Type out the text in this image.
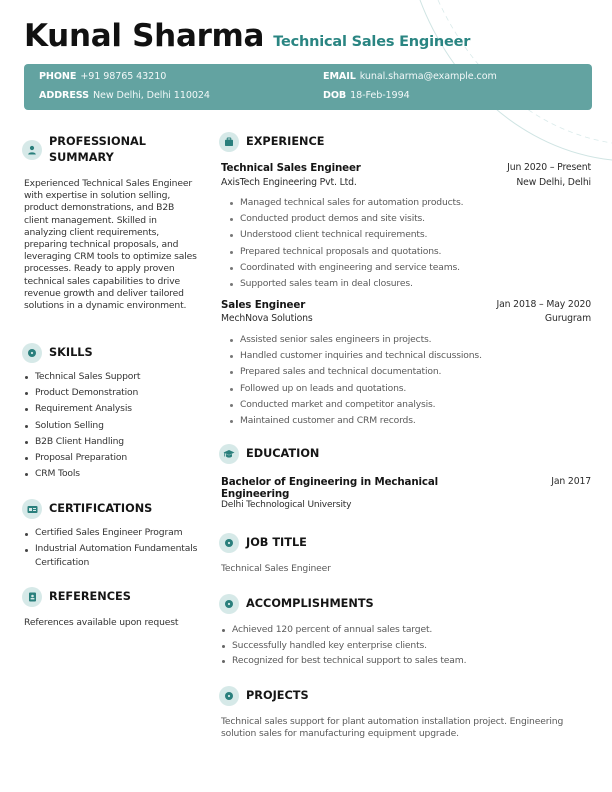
Kunal Sharma Technical Sales Engineer
PHONE +91 98765 43210
ADDRESS New Delhi, Delhi 110024
EMAIL kunal.sharma@example.com
DOB 18-Feb-1994
PROFESSIONAL
SUMMARY
Experienced Technical Sales Engineer with expertise in solution selling, product demonstrations, and B2B client management. Skilled in analyzing client requirements, preparing technical proposals, and leveraging CRM tools to optimize sales processes. Ready to apply proven technical sales capabilities to drive revenue growth and deliver tailored solutions in a dynamic environment.
SKILLS
Technical Sales Support
Product Demonstration
Requirement Analysis
Solution Selling
B2B Client Handling
Proposal Preparation
CRM Tools
CERTIFICATIONS
Certified Sales Engineer Program
Industrial Automation Fundamentals Certification
REFERENCES
References available upon request
EXPERIENCE
Technical Sales Engineer
AxisTech Engineering Pvt. Ltd.
Jun 2020 – Present
New Delhi, Delhi
Managed technical sales for automation products.
Conducted product demos and site visits.
Understood client technical requirements.
Prepared technical proposals and quotations.
Coordinated with engineering and service teams.
Supported sales team in deal closures.
Sales Engineer
MechNova Solutions
Jan 2018 – May 2020
Gurugram
Assisted senior sales engineers in projects.
Handled customer inquiries and technical discussions.
Prepared sales and technical documentation.
Followed up on leads and quotations.
Conducted market and competitor analysis.
Maintained customer and CRM records.
EDUCATION
Bachelor of Engineering in Mechanical Engineering
Delhi Technological University
Jan 2017
JOB TITLE
Technical Sales Engineer
ACCOMPLISHMENTS
Achieved 120 percent of annual sales target.
Successfully handled key enterprise clients.
Recognized for best technical support to sales team.
PROJECTS
Technical sales support for plant automation installation project. Engineering solution sales for manufacturing equipment upgrade.
